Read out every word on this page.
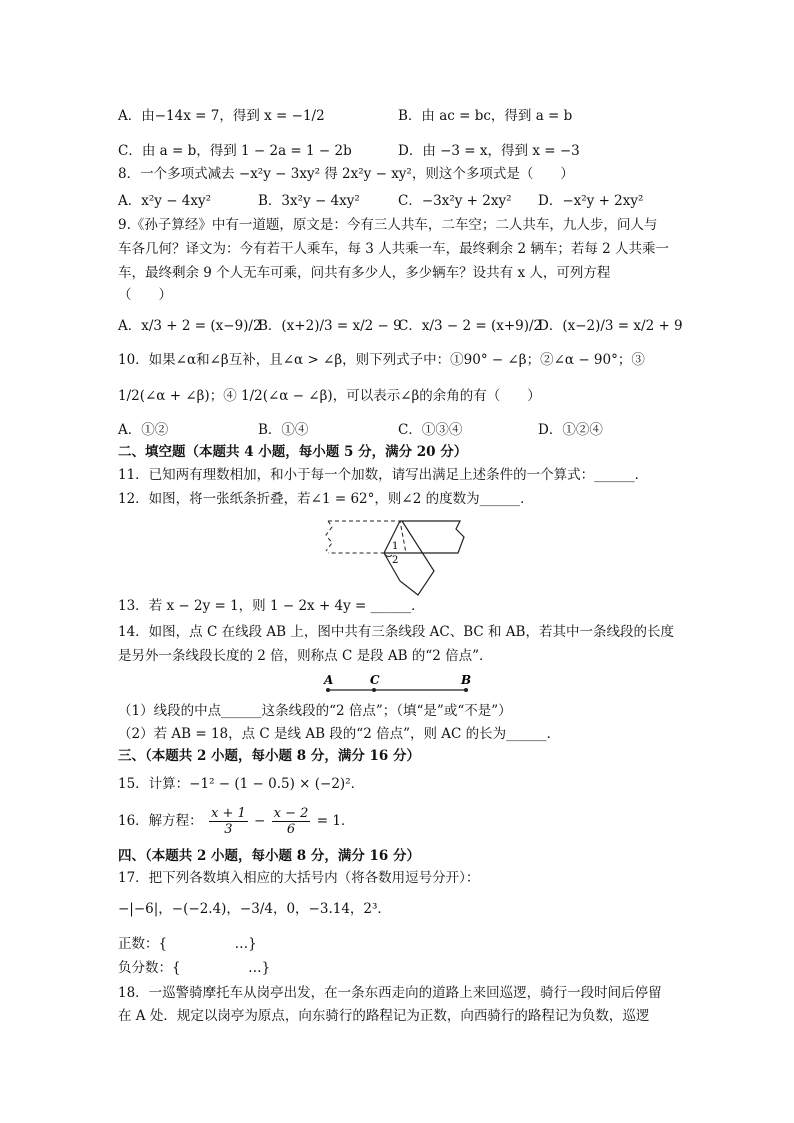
A．由−14x = 7，得到 x = −1/2	B．由 ac = bc，得到 a = b
C．由 a = b，得到 1 − 2a = 1 − 2b	D．由 −3 = x，得到 x = −3
8．一个多项式减去 −x²y − 3xy² 得 2x²y − xy²，则这个多项式是（　　）
A．x²y − 4xy²	B．3x²y − 4xy²	C．−3x²y + 2xy² D．−x²y + 2xy²
9.《孙子算经》中有一道题，原文是：今有三人共车，二车空；二人共车，九人步，问人与
车各几何？译文为：今有若干人乘车，每 3 人共乘一车，最终剩余 2 辆车；若每 2 人共乘一
车，最终剩余 9 个人无车可乘，问共有多少人，多少辆车？设共有 x 人，可列方程
（　　）
A．x/3 + 2 = (x−9)/2
B．(x+2)/3 = x/2 − 9
C．x/3 − 2 = (x+9)/2
D．(x−2)/3 = x/2 + 9
10．如果∠α和∠β互补，且∠α > ∠β，则下列式子中：①90° − ∠β；②∠α − 90°；③
1/2(∠α + ∠β)；④ 1/2(∠α − ∠β)，可以表示∠β的余角的有（　　）
A．①②	B．①④	C．①③④	D．①②④
二、填空题（本题共 4 小题，每小题 5 分，满分 20 分）
11．已知两有理数相加，和小于每一个加数，请写出满足上述条件的一个算式：______．
12．如图，将一张纸条折叠，若∠1 = 62°，则∠2 的度数为______．
1
2
13．若 x − 2y = 1，则 1 − 2x + 4y = ______．
14．如图，点 C 在线段 AB 上，图中共有三条线段 AC、BC 和 AB，若其中一条线段的长度
是另外一条线段长度的 2 倍，则称点 C 是段 AB 的“2 倍点”．
A	C	B
（1）线段的中点______这条线段的“2 倍点”；（填“是”或“不是”）
（2）若 AB = 18，点 C 是线 AB 段的“2 倍点”，则 AC 的长为______．
三、（本题共 2 小题，每小题 8 分，满分 16 分）
15．计算：−1² − (1 − 0.5) × (−2)²．
16．解方程： $\frac{x + 1}{3} - \frac{x - 2}{6} = 1$．
四、（本题共 2 小题，每小题 8 分，满分 16 分）
17．把下列各数填入相应的大括号内（将各数用逗号分开）：
−|−6|，−(−2.4)，−3/4，0，−3.14，2³．
正数：{　　　　　…}
负分数：{　　　　　…}
18．一巡警骑摩托车从岗亭出发，在一条东西走向的道路上来回巡逻，骑行一段时间后停留
在 A 处．规定以岗亭为原点，向东骑行的路程记为正数，向西骑行的路程记为负数，巡逻
